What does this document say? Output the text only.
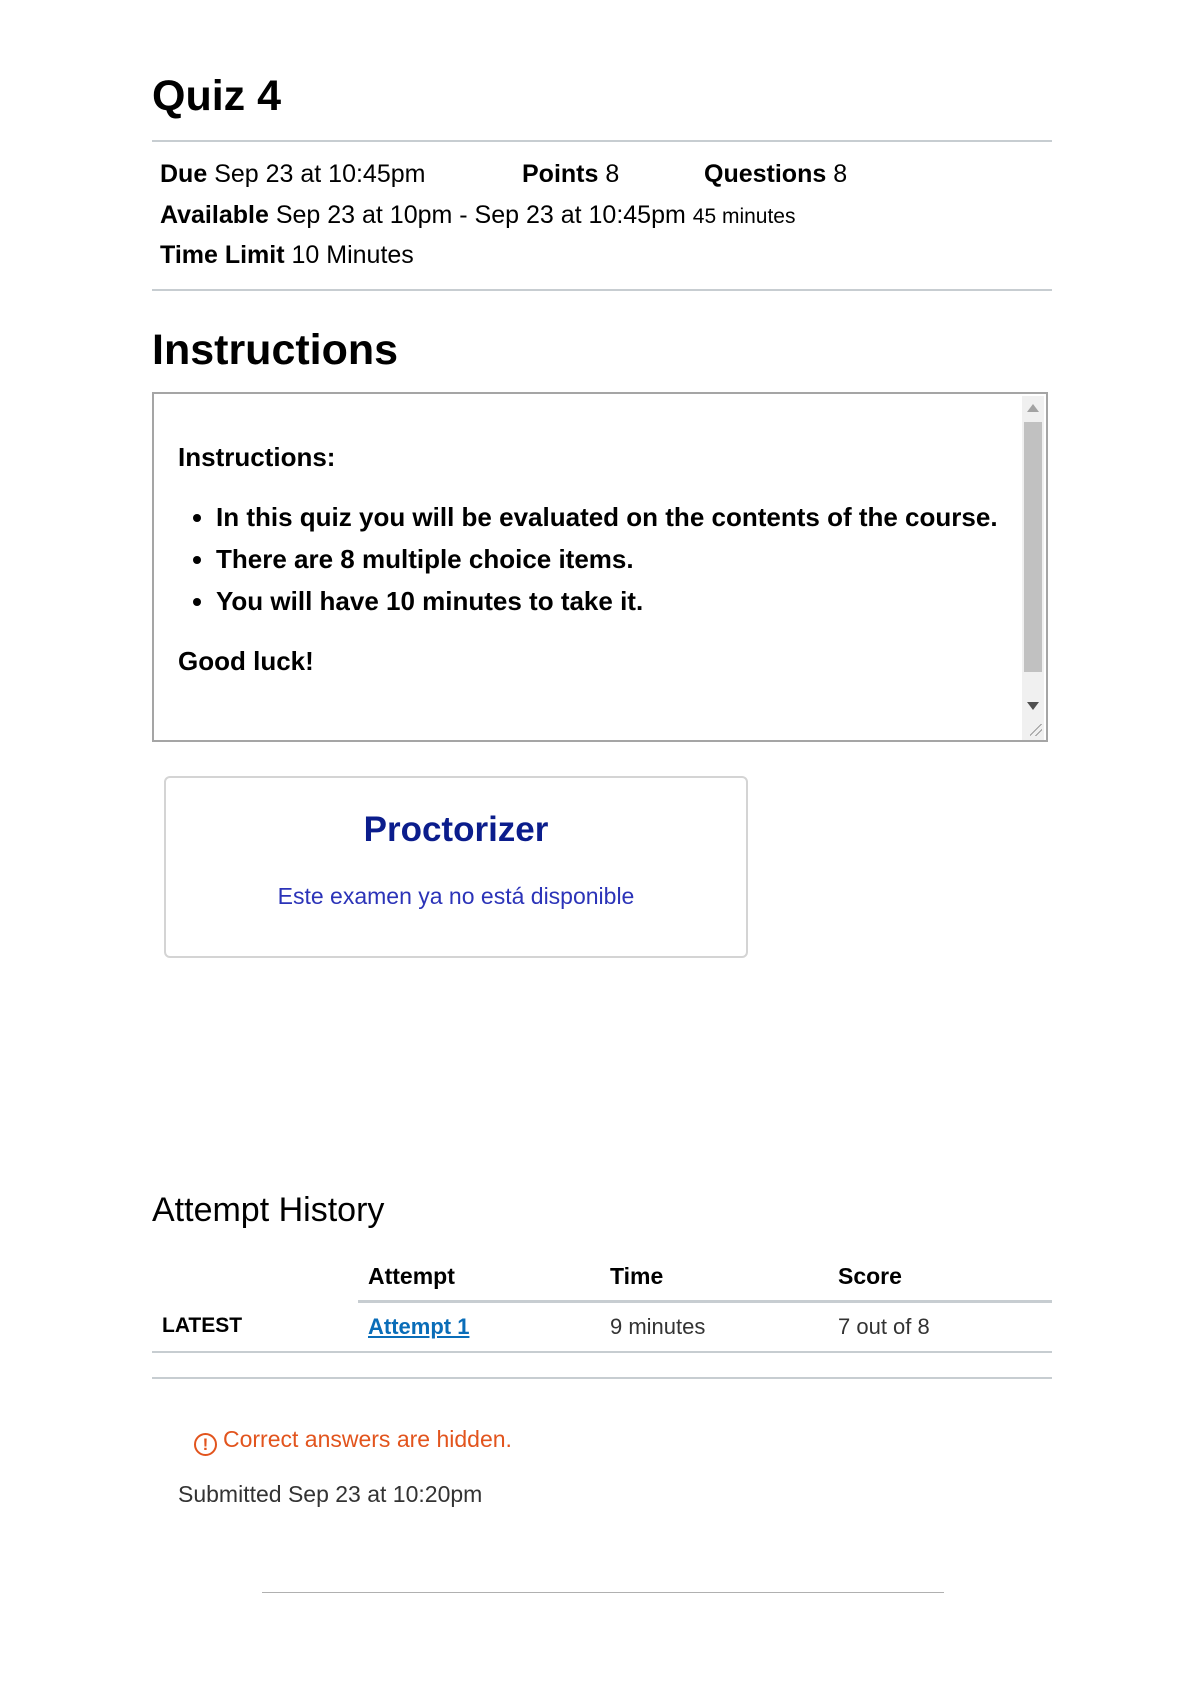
Quiz 4
Due Sep 23 at 10:45pm	Points 8	Questions 8
Available Sep 23 at 10pm - Sep 23 at 10:45pm 45 minutes
Time Limit 10 Minutes
Instructions

Instructions:

• In this quiz you will be evaluated on the contents of the course.
• There are 8 multiple choice items.
• You will have 10 minutes to take it.

Good luck!

Proctorizer
Este examen ya no está disponible
Attempt History
	Attempt	Time	Score
LATEST	Attempt 1	9 minutes	7 out of 8
! Correct answers are hidden.
Submitted Sep 23 at 10:20pm
